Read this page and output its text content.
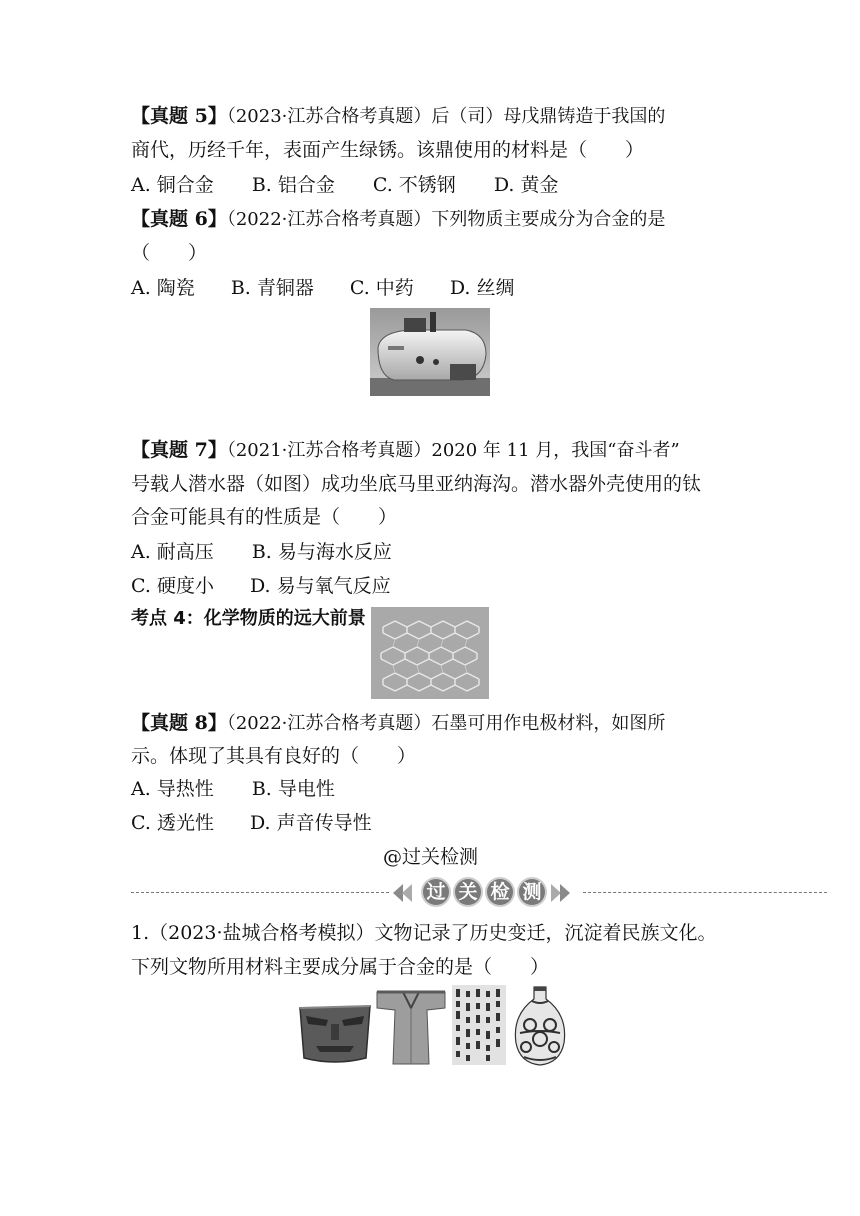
【真题 5】（2023·江苏合格考真题）后（司）母戊鼎铸造于我国的
商代，历经千年，表面产生绿锈。该鼎使用的材料是（　　）
A. 铜合金 B. 铝合金 C. 不锈钢 D. 黄金
【真题 6】（2022·江苏合格考真题）下列物质主要成分为合金的是
（　　）
A. 陶瓷 B. 青铜器 C. 中药 D. 丝绸
【真题 7】（2021·江苏合格考真题）2020 年 11 月，我国“奋斗者”
号载人潜水器（如图）成功坐底马里亚纳海沟。潜水器外壳使用的钛
合金可能具有的性质是（　　）
A. 耐高压 B. 易与海水反应
C. 硬度小 D. 易与氧气反应
考点 4：化学物质的远大前景
【真题 8】（2022·江苏合格考真题）石墨可用作电极材料，如图所
示。体现了其具有良好的（　　）
A. 导热性 B. 导电性
C. 透光性 D. 声音传导性
@过关检测
过 关 检 测
1.（2023·盐城合格考模拟）文物记录了历史变迁，沉淀着民族文化。
下列文物所用材料主要成分属于合金的是（　　）
